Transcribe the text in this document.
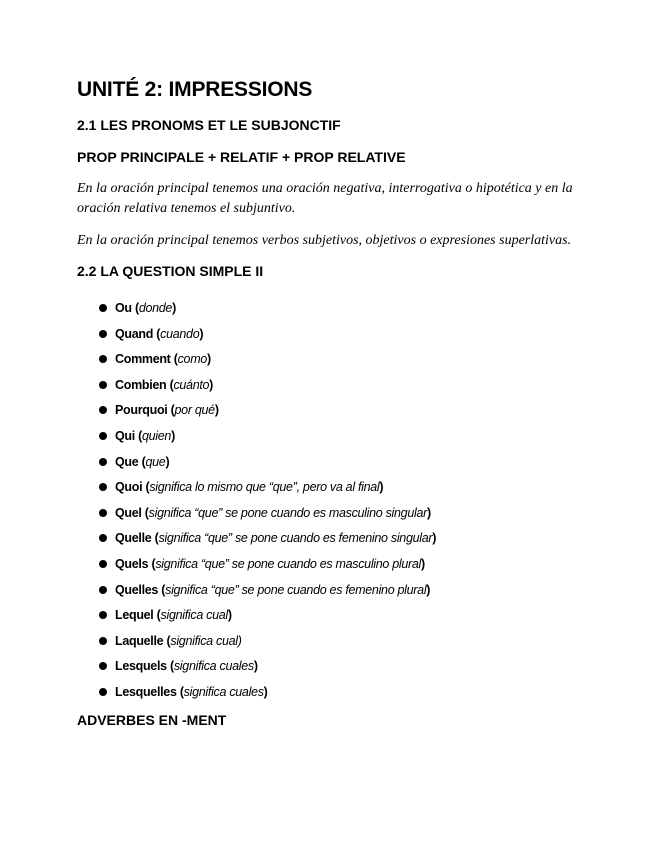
UNITÉ 2: IMPRESSIONS
2.1 LES PRONOMS ET LE SUBJONCTIF
PROP PRINCIPALE + RELATIF + PROP RELATIVE

En la oración principal tenemos una oración negativa, interrogativa o hipotética y en la oración relativa tenemos el subjuntivo.

En la oración principal tenemos verbos subjetivos, objetivos o expresiones superlativas.

2.2 LA QUESTION SIMPLE II
Ou (donde)
Quand (cuando)
Comment (como)
Combien (cuánto)
Pourquoi (por qué)
Qui (quien)
Que (que)
Quoi (significa lo mismo que “que”, pero va al final)
Quel (significa “que” se pone cuando es masculino singular)
Quelle (significa “que” se pone cuando es femenino singular)
Quels (significa “que” se pone cuando es masculino plural)
Quelles (significa “que” se pone cuando es femenino plural)
Lequel (significa cual)
Laquelle (significa cual)
Lesquels (significa cuales)
Lesquelles (significa cuales)
ADVERBES EN -MENT
